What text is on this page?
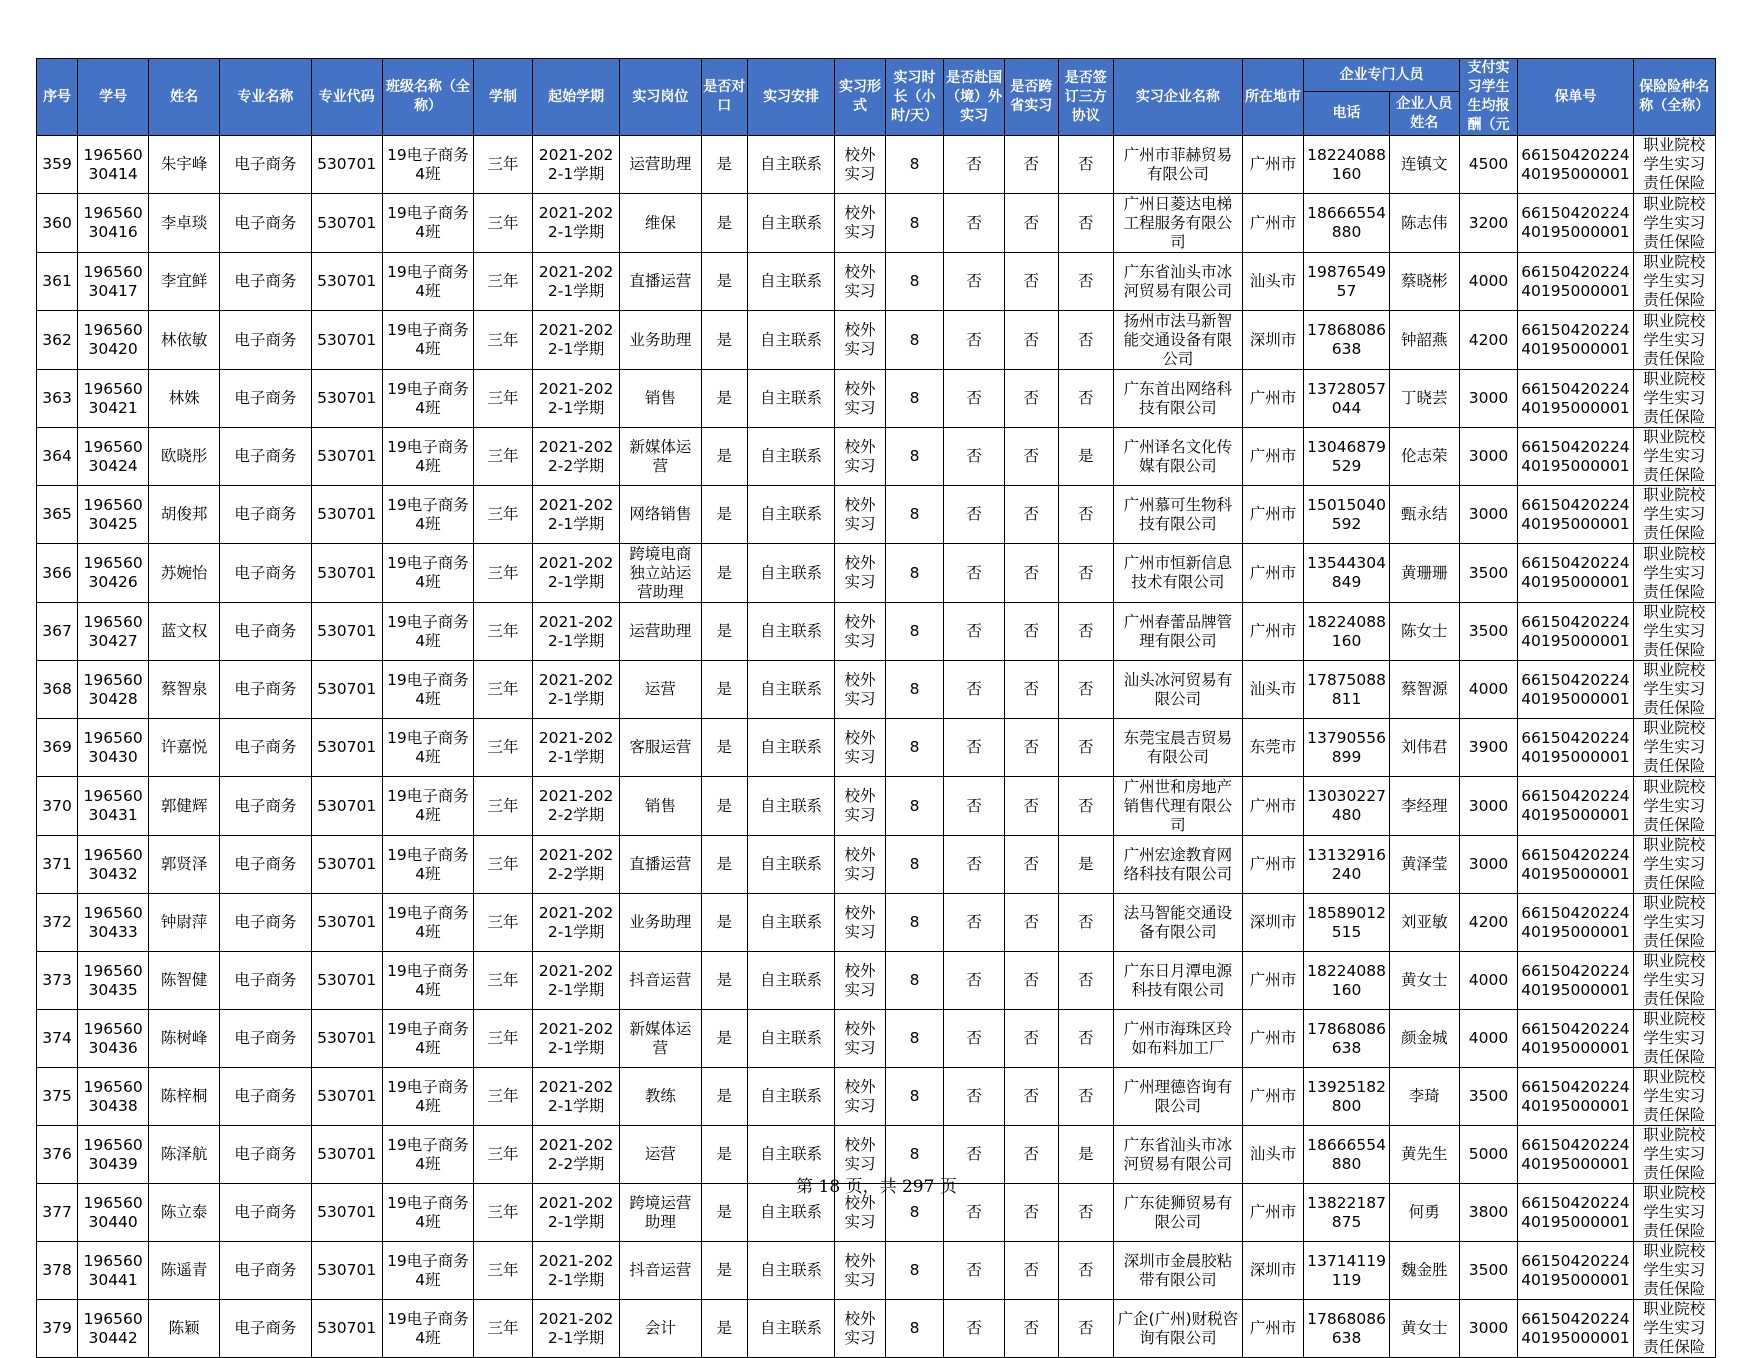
序号	学号	姓名	专业名称	专业代码	班级名称（全称）	学制	起始学期	实习岗位	是否对口	实习安排	实习形式	实习时长（小时/天）	是否赴国（境）外实习	是否跨省实习	是否签订三方协议	实习企业名称	所在地市	企业专门人员		支付实习学生生均报酬（元	保单号	保险险种名称（全称）
																		电话	企业人员姓名			
359	19656030414	朱宇峰	电子商务	530701	19电子商务4班	三年	2021-2022-1学期	运营助理	是	自主联系	校外实习	8	否	否	否	广州市菲赫贸易有限公司	广州市	18224088160	连镇文	4500	6615042022440195000001	职业院校学生实习责任保险
360	19656030416	李卓琰	电子商务	530701	19电子商务4班	三年	2021-2022-1学期	维保	是	自主联系	校外实习	8	否	否	否	广州日菱达电梯工程服务有限公司	广州市	18666554880	陈志伟	3200	6615042022440195000001	职业院校学生实习责任保险
361	19656030417	李宜鲜	电子商务	530701	19电子商务4班	三年	2021-2022-1学期	直播运营	是	自主联系	校外实习	8	否	否	否	广东省汕头市冰河贸易有限公司	汕头市	1987654957	蔡晓彬	4000	6615042022440195000001	职业院校学生实习责任保险
362	19656030420	林依敏	电子商务	530701	19电子商务4班	三年	2021-2022-1学期	业务助理	是	自主联系	校外实习	8	否	否	否	扬州市法马新智能交通设备有限公司	深圳市	17868086638	钟韶燕	4200	6615042022440195000001	职业院校学生实习责任保险
363	19656030421	林姝	电子商务	530701	19电子商务4班	三年	2021-2022-1学期	销售	是	自主联系	校外实习	8	否	否	否	广东首出网络科技有限公司	广州市	13728057044	丁晓芸	3000	6615042022440195000001	职业院校学生实习责任保险
364	19656030424	欧晓彤	电子商务	530701	19电子商务4班	三年	2021-2022-2学期	新媒体运营	是	自主联系	校外实习	8	否	否	是	广州译名文化传媒有限公司	广州市	13046879529	伦志荣	3000	6615042022440195000001	职业院校学生实习责任保险
365	19656030425	胡俊邦	电子商务	530701	19电子商务4班	三年	2021-2022-1学期	网络销售	是	自主联系	校外实习	8	否	否	否	广州慕可生物科技有限公司	广州市	15015040592	甄永结	3000	6615042022440195000001	职业院校学生实习责任保险
366	19656030426	苏婉怡	电子商务	530701	19电子商务4班	三年	2021-2022-1学期	跨境电商独立站运营助理	是	自主联系	校外实习	8	否	否	否	广州市恒新信息技术有限公司	广州市	13544304849	黄珊珊	3500	6615042022440195000001	职业院校学生实习责任保险
367	19656030427	蓝文权	电子商务	530701	19电子商务4班	三年	2021-2022-1学期	运营助理	是	自主联系	校外实习	8	否	否	否	广州春蕾品牌管理有限公司	广州市	18224088160	陈女士	3500	6615042022440195000001	职业院校学生实习责任保险
368	19656030428	蔡智泉	电子商务	530701	19电子商务4班	三年	2021-2022-1学期	运营	是	自主联系	校外实习	8	否	否	否	汕头冰河贸易有限公司	汕头市	17875088811	蔡智源	4000	6615042022440195000001	职业院校学生实习责任保险
369	19656030430	许嘉悦	电子商务	530701	19电子商务4班	三年	2021-2022-1学期	客服运营	是	自主联系	校外实习	8	否	否	否	东莞宝晨吉贸易有限公司	东莞市	13790556899	刘伟君	3900	6615042022440195000001	职业院校学生实习责任保险
370	19656030431	郭健辉	电子商务	530701	19电子商务4班	三年	2021-2022-2学期	销售	是	自主联系	校外实习	8	否	否	否	广州世和房地产销售代理有限公司	广州市	13030227480	李经理	3000	6615042022440195000001	职业院校学生实习责任保险
371	19656030432	郭贤泽	电子商务	530701	19电子商务4班	三年	2021-2022-2学期	直播运营	是	自主联系	校外实习	8	否	否	是	广州宏途教育网络科技有限公司	广州市	13132916240	黄泽莹	3000	6615042022440195000001	职业院校学生实习责任保险
372	19656030433	钟尉萍	电子商务	530701	19电子商务4班	三年	2021-2022-1学期	业务助理	是	自主联系	校外实习	8	否	否	否	法马智能交通设备有限公司	深圳市	18589012515	刘亚敏	4200	6615042022440195000001	职业院校学生实习责任保险
373	19656030435	陈智健	电子商务	530701	19电子商务4班	三年	2021-2022-1学期	抖音运营	是	自主联系	校外实习	8	否	否	否	广东日月潭电源科技有限公司	广州市	18224088160	黄女士	4000	6615042022440195000001	职业院校学生实习责任保险
374	19656030436	陈树峰	电子商务	530701	19电子商务4班	三年	2021-2022-1学期	新媒体运营	是	自主联系	校外实习	8	否	否	否	广州市海珠区玲如布料加工厂	广州市	17868086638	颜金城	4000	6615042022440195000001	职业院校学生实习责任保险
375	19656030438	陈梓桐	电子商务	530701	19电子商务4班	三年	2021-2022-1学期	教练	是	自主联系	校外实习	8	否	否	否	广州理德咨询有限公司	广州市	13925182800	李琦	3500	6615042022440195000001	职业院校学生实习责任保险
376	19656030439	陈泽航	电子商务	530701	19电子商务4班	三年	2021-2022-2学期	运营	是	自主联系	校外实习	8	否	否	是	广东省汕头市冰河贸易有限公司	汕头市	18666554880	黄先生	5000	6615042022440195000001	职业院校学生实习责任保险
377	19656030440	陈立泰	电子商务	530701	19电子商务4班	三年	2021-2022-1学期	跨境运营助理	是	自主联系	校外实习	8	否	否	否	广东徒狮贸易有限公司	广州市	13822187875	何勇	3800	6615042022440195000001	职业院校学生实习责任保险
378	19656030441	陈遥青	电子商务	530701	19电子商务4班	三年	2021-2022-1学期	抖音运营	是	自主联系	校外实习	8	否	否	否	深圳市金晨胶粘带有限公司	深圳市	13714119119	魏金胜	3500	6615042022440195000001	职业院校学生实习责任保险
379	19656030442	陈颖	电子商务	530701	19电子商务4班	三年	2021-2022-1学期	会计	是	自主联系	校外实习	8	否	否	否	广企(广州)财税咨询有限公司	广州市	17868086638	黄女士	3000	6615042022440195000001	职业院校学生实习责任保险
第 18 页，共 297 页
